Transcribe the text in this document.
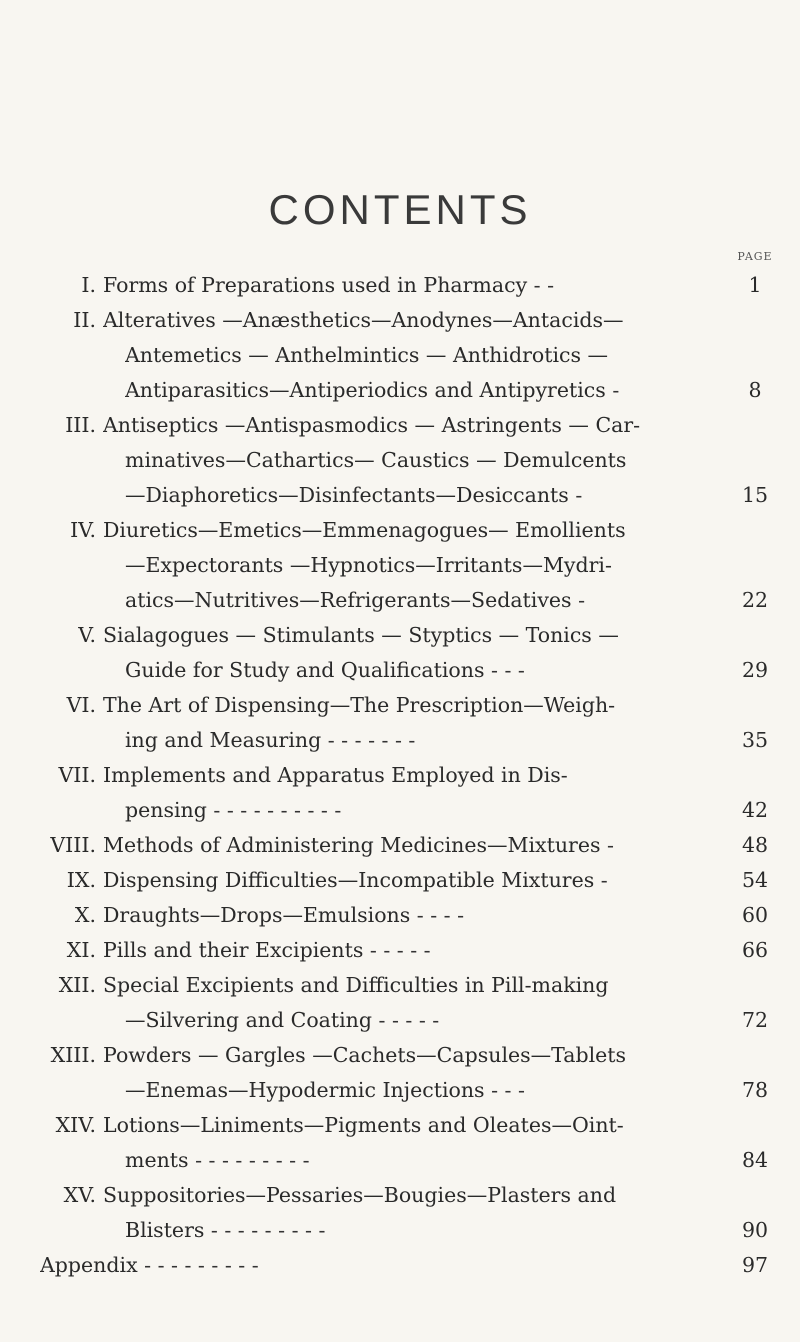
CONTENTS
PAGE
I. Forms of Preparations used in Pharmacy - -	1
II. Alteratives —Anæsthetics—Anodynes—Antacids—
Antemetics — Anthelmintics — Anthidrotics —
Antiparasitics—Antiperiodics and Antipyretics -	8
III. Antiseptics —Antispasmodics — Astringents — Car-
minatives—Cathartics— Caustics — Demulcents
—Diaphoretics—Disinfectants—Desiccants -	15
IV. Diuretics—Emetics—Emmenagogues— Emollients
—Expectorants —Hypnotics—Irritants—Mydri-
atics—Nutritives—Refrigerants—Sedatives -	22
V. Sialagogues — Stimulants — Styptics — Tonics —
Guide for Study and Qualifications - - -	29
VI. The Art of Dispensing—The Prescription—Weigh-
ing and Measuring - - - - - - -	35
VII. Implements and Apparatus Employed in Dis-
pensing - - - - - - - - - -	42
VIII. Methods of Administering Medicines—Mixtures -	48
IX. Dispensing Difficulties—Incompatible Mixtures -	54
X. Draughts—Drops—Emulsions - - - -	60
XI. Pills and their Excipients - - - - -	66
XII. Special Excipients and Difficulties in Pill-making
—Silvering and Coating - - - - -	72
XIII. Powders — Gargles —Cachets—Capsules—Tablets
—Enemas—Hypodermic Injections - - -	78
XIV. Lotions—Liniments—Pigments and Oleates—Oint-
ments - - - - - - - - -	84
XV. Suppositories—Pessaries—Bougies—Plasters and
Blisters - - - - - - - - -	90
Appendix - - - - - - - - -	97
